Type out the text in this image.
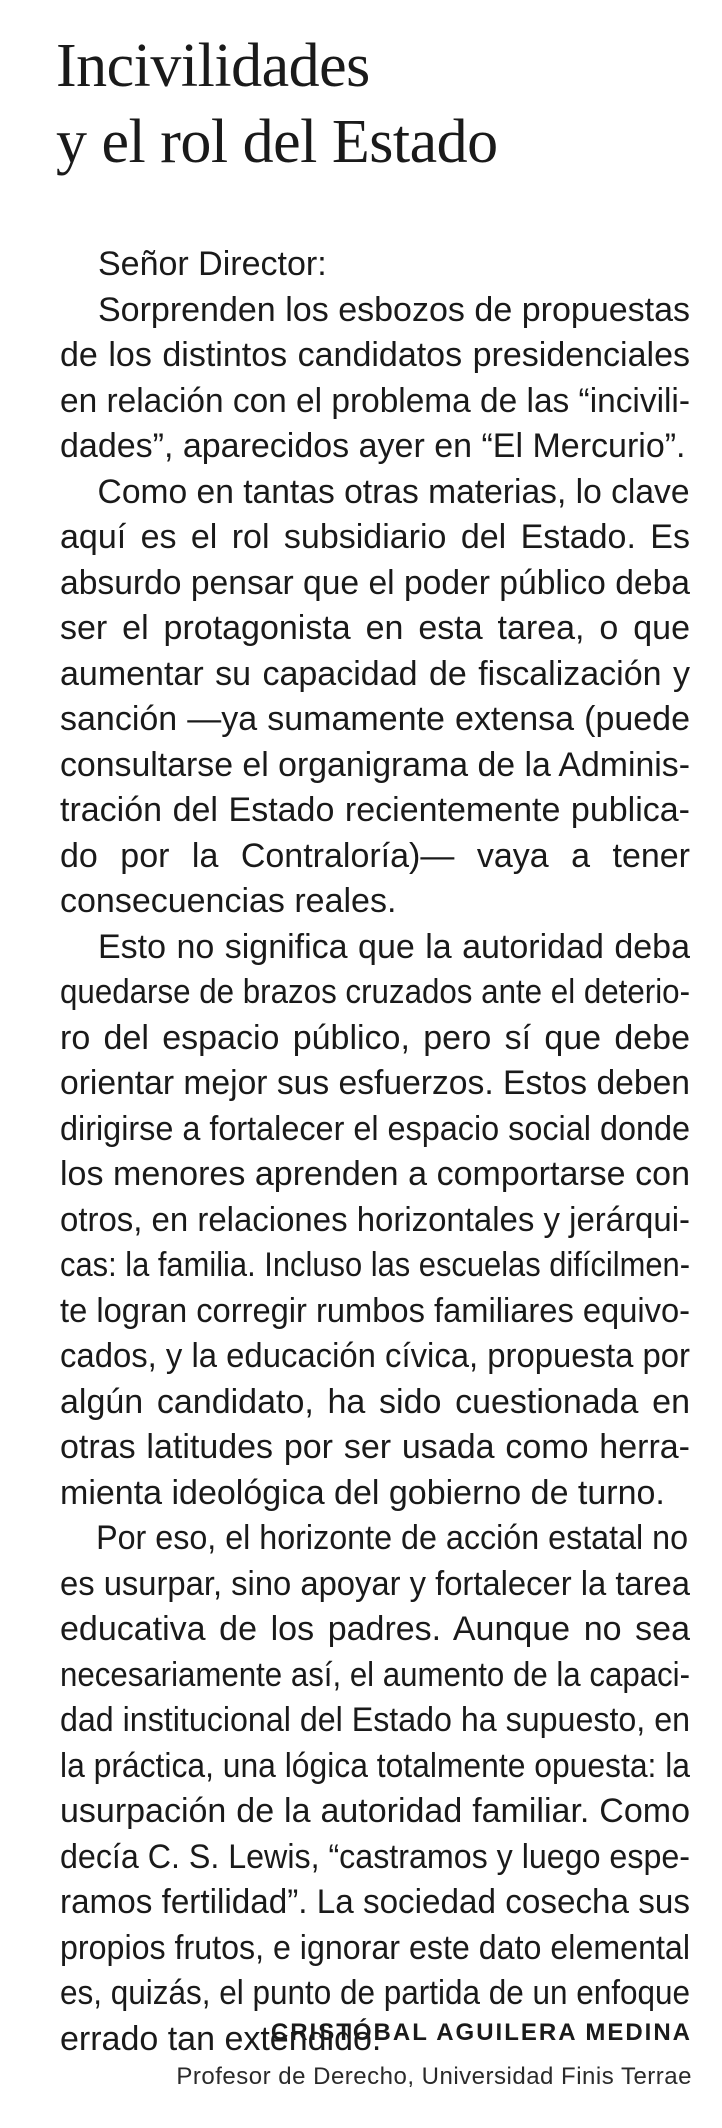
Incivilidades
y el rol del Estado
Señor Director:
Sorprenden los esbozos de propuestas
de los distintos candidatos presidenciales
en relación con el problema de las “incivili-
dades”, aparecidos ayer en “El Mercurio”.
Como en tantas otras materias, lo clave
aquí es el rol subsidiario del Estado. Es
absurdo pensar que el poder público deba
ser el protagonista en esta tarea, o que
aumentar su capacidad de fiscalización y
sanción —ya sumamente extensa (puede
consultarse el organigrama de la Adminis-
tración del Estado recientemente publica-
do por la Contraloría)— vaya a tener
consecuencias reales.
Esto no significa que la autoridad deba
quedarse de brazos cruzados ante el deterio-
ro del espacio público, pero sí que debe
orientar mejor sus esfuerzos. Estos deben
dirigirse a fortalecer el espacio social donde
los menores aprenden a comportarse con
otros, en relaciones horizontales y jerárqui-
cas: la familia. Incluso las escuelas difícilmen-
te logran corregir rumbos familiares equivo-
cados, y la educación cívica, propuesta por
algún candidato, ha sido cuestionada en
otras latitudes por ser usada como herra-
mienta ideológica del gobierno de turno.
Por eso, el horizonte de acción estatal no
es usurpar, sino apoyar y fortalecer la tarea
educativa de los padres. Aunque no sea
necesariamente así, el aumento de la capaci-
dad institucional del Estado ha supuesto, en
la práctica, una lógica totalmente opuesta: la
usurpación de la autoridad familiar. Como
decía C. S. Lewis, “castramos y luego espe-
ramos fertilidad”. La sociedad cosecha sus
propios frutos, e ignorar este dato elemental
es, quizás, el punto de partida de un enfoque
errado tan extendido.
CRISTÓBAL AGUILERA MEDINA
Profesor de Derecho, Universidad Finis Terrae
